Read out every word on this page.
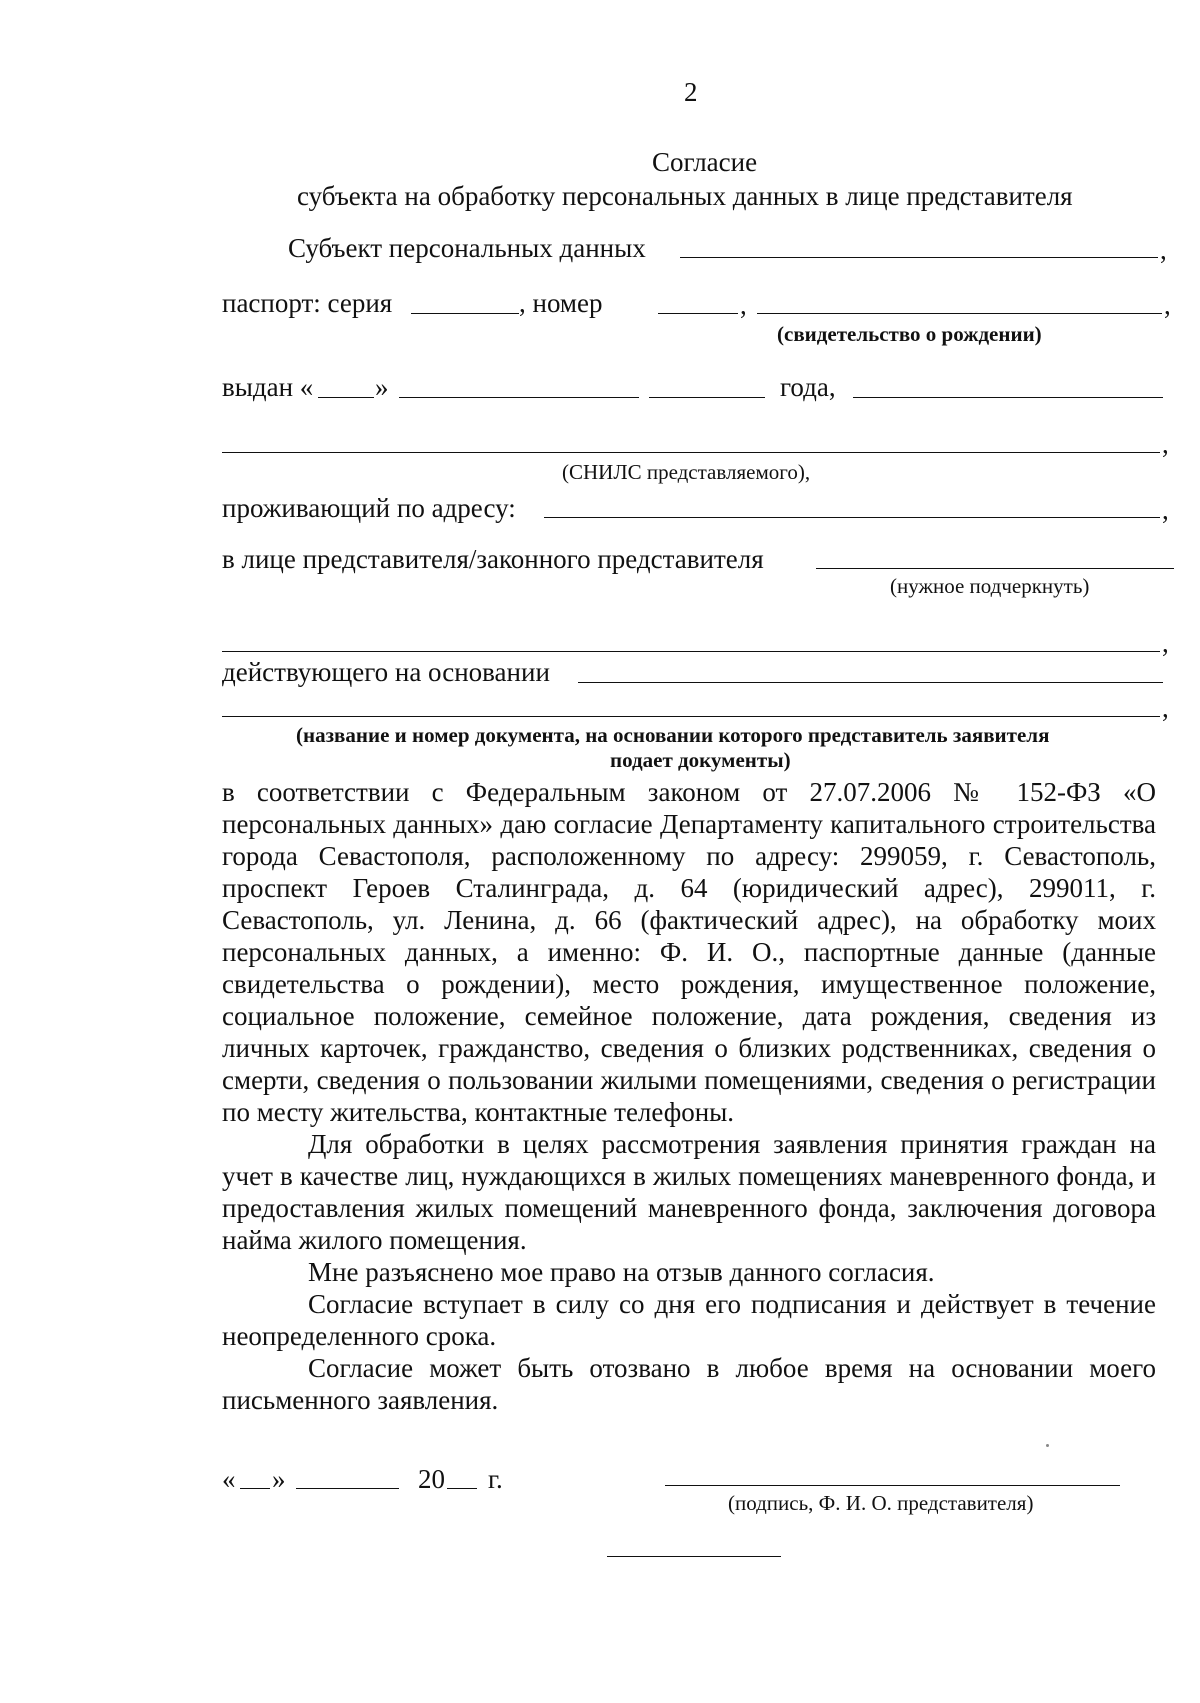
2
Согласие
субъекта на обработку персональных данных в лице представителя
Субъект персональных данных	,
паспорт: серия	, номер	,	,
(свидетельство о рождении)
выдан « »	года,
,
(СНИЛС представляемого),
проживающий по адресу:	,
в лице представителя/законного представителя
(нужное подчеркнуть)
,
действующего на основании
,
(название и номер документа, на основании которого представитель заявителя
подает документы)

в соответствии с Федеральным законом от 27.07.2006 № 152-ФЗ «О персональных данных» даю согласие Департаменту капитального строительства города Севастополя, расположенному по адресу: 299059, г. Севастополь, проспект Героев Сталинграда, д. 64 (юридический адрес), 299011, г. Севастополь, ул. Ленина, д. 66 (фактический адрес), на обработку моих персональных данных, а именно: Ф. И. О., паспортные данные (данные свидетельства о рождении), место рождения, имущественное положение, социальное положение, семейное положение, дата рождения, сведения из личных карточек, гражданство, сведения о близких родственниках, сведения о смерти, сведения о пользовании жилыми помещениями, сведения о регистрации по месту жительства, контактные телефоны.

Для обработки в целях рассмотрения заявления принятия граждан на учет в качестве лиц, нуждающихся в жилых помещениях маневренного фонда, и предоставления жилых помещений маневренного фонда, заключения договора найма жилого помещения.

Мне разъяснено мое право на отзыв данного согласия.

Согласие вступает в силу со дня его подписания и действует в течение неопределенного срока.

Согласие может быть отозвано в любое время на основании моего письменного заявления.

« »	20 г.
(подпись, Ф. И. О. представителя)
